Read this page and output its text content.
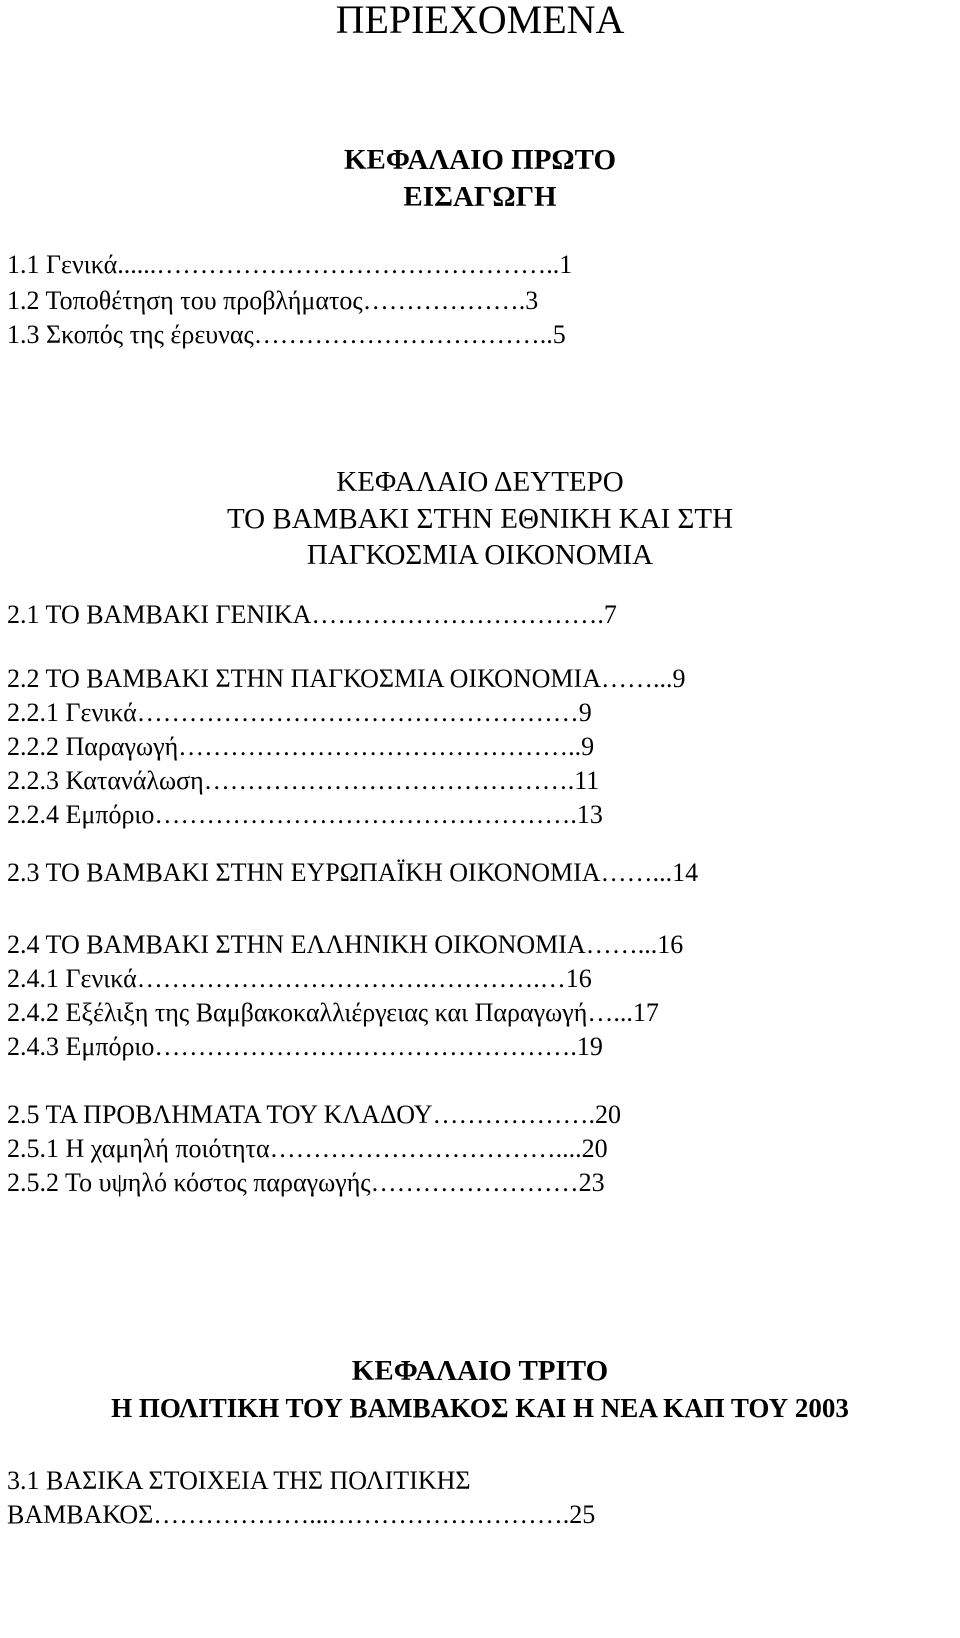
ΠΕΡΙΕΧΟΜΕΝΑ
ΚΕΦΑΛΑΙΟ ΠΡΩΤΟ
ΕΙΣΑΓΩΓΗ
1.1 Γενικά......………………………………………..1
1.2 Τοποθέτηση του προβλήματος……………….3
1.3 Σκοπός της έρευνας……………………………..5
ΚΕΦΑΛΑΙΟ ΔΕΥΤΕΡΟ
ΤΟ ΒΑΜΒΑΚΙ ΣΤΗΝ ΕΘΝΙΚΗ ΚΑΙ ΣΤΗ
ΠΑΓΚΟΣΜΙΑ ΟΙΚΟΝΟΜΙΑ
2.1 ΤΟ ΒΑΜΒΑΚΙ ΓΕΝΙΚΑ…………………………….7
2.2 ΤΟ ΒΑΜΒΑΚΙ ΣΤΗΝ ΠΑΓΚΟΣΜΙΑ ΟΙΚΟΝΟΜΙΑ……...9
2.2.1 Γενικά……………………………………………9
2.2.2 Παραγωγή………………………………………..9
2.2.3 Κατανάλωση…………………………………….11
2.2.4 Εμπόριο………………………………………….13
2.3 ΤΟ ΒΑΜΒΑΚΙ ΣΤΗΝ ΕΥΡΩΠΑΪΚΗ ΟΙΚΟΝΟΜΙΑ……...14
2.4 ΤΟ ΒΑΜΒΑΚΙ ΣΤΗΝ ΕΛΛΗΝΙΚΗ ΟΙΚΟΝΟΜΙΑ……...16
2.4.1 Γενικά…………………………….………….…16
2.4.2 Εξέλιξη της Βαμβακοκαλλιέργειας και Παραγωγή…...17
2.4.3 Εμπόριο………………………………………….19
2.5 ΤΑ ΠΡΟΒΛΗΜΑΤΑ ΤΟΥ ΚΛΑΔΟΥ……………….20
2.5.1 Η χαμηλή ποιότητα……………………………....20
2.5.2 Το υψηλό κόστος παραγωγής……………………23
ΚΕΦΑΛΑΙΟ ΤΡΙΤΟ
Η ΠΟΛΙΤΙΚΗ ΤΟΥ ΒΑΜΒΑΚΟΣ ΚΑΙ Η ΝΕΑ ΚΑΠ ΤΟΥ 2003
3.1 ΒΑΣΙΚΑ ΣΤΟΙΧΕΙΑ ΤΗΣ ΠΟΛΙΤΙΚΗΣ
ΒΑΜΒΑΚΟΣ………………...……………………….25
